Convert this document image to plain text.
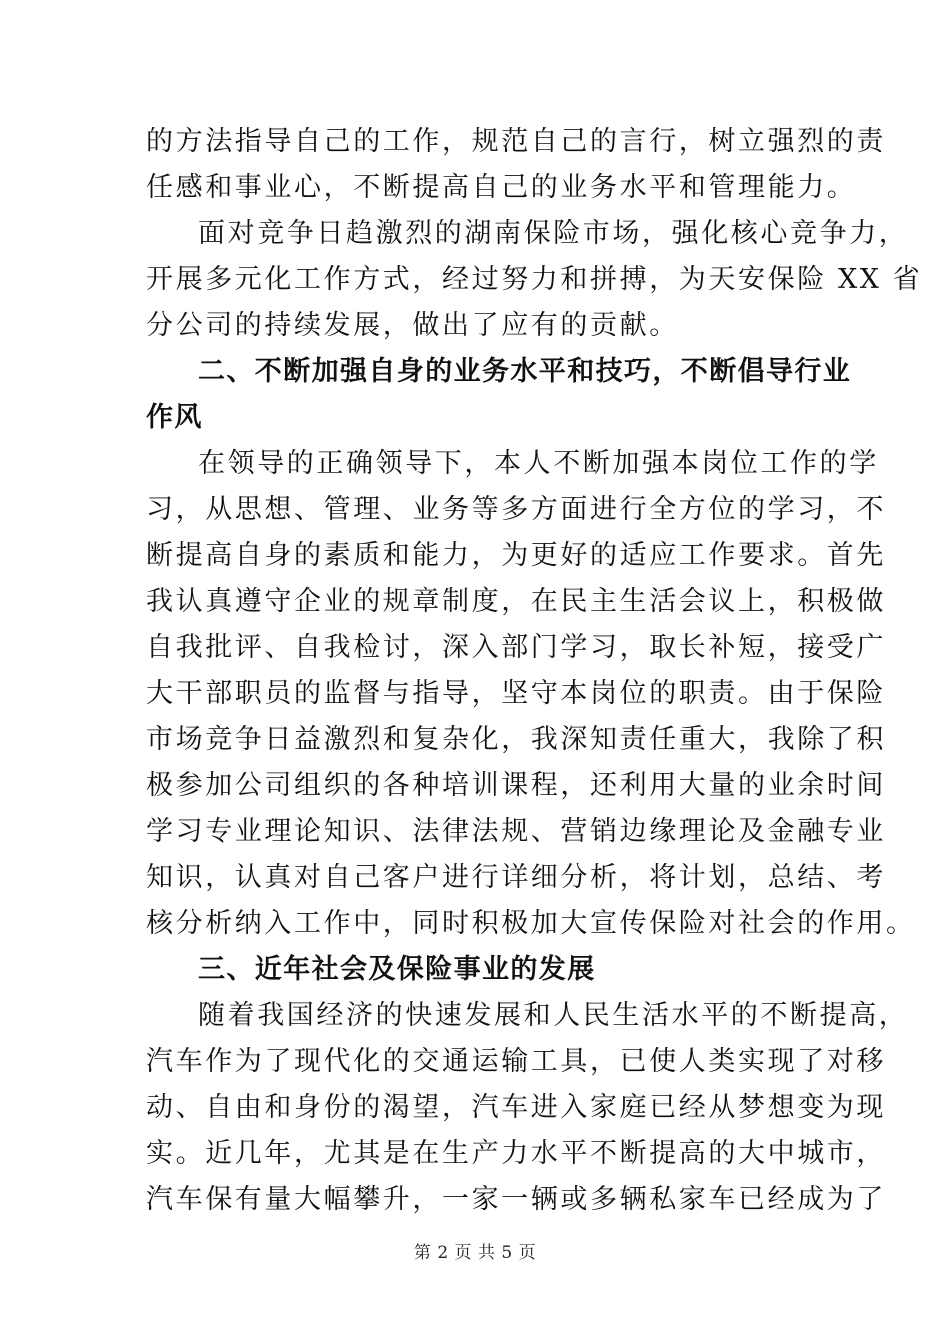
的方法指导自己的工作，规范自己的言行，树立强烈的责
任感和事业心，不断提高自己的业务水平和管理能力。
面对竞争日趋激烈的湖南保险市场，强化核心竞争力，
开展多元化工作方式，经过努力和拼搏，为天安保险 XX 省
分公司的持续发展，做出了应有的贡献。
二、不断加强自身的业务水平和技巧，不断倡导行业
作风
在领导的正确领导下，本人不断加强本岗位工作的学
习，从思想、管理、业务等多方面进行全方位的学习，不
断提高自身的素质和能力，为更好的适应工作要求。首先
我认真遵守企业的规章制度，在民主生活会议上，积极做
自我批评、自我检讨，深入部门学习，取长补短，接受广
大干部职员的监督与指导，坚守本岗位的职责。由于保险
市场竞争日益激烈和复杂化，我深知责任重大，我除了积
极参加公司组织的各种培训课程，还利用大量的业余时间
学习专业理论知识、法律法规、营销边缘理论及金融专业
知识，认真对自己客户进行详细分析，将计划，总结、考
核分析纳入工作中，同时积极加大宣传保险对社会的作用。
三、近年社会及保险事业的发展
随着我国经济的快速发展和人民生活水平的不断提高，
汽车作为了现代化的交通运输工具，已使人类实现了对移
动、自由和身份的渴望，汽车进入家庭已经从梦想变为现
实。近几年，尤其是在生产力水平不断提高的大中城市，
汽车保有量大幅攀升，一家一辆或多辆私家车已经成为了
第 2 页 共 5 页
